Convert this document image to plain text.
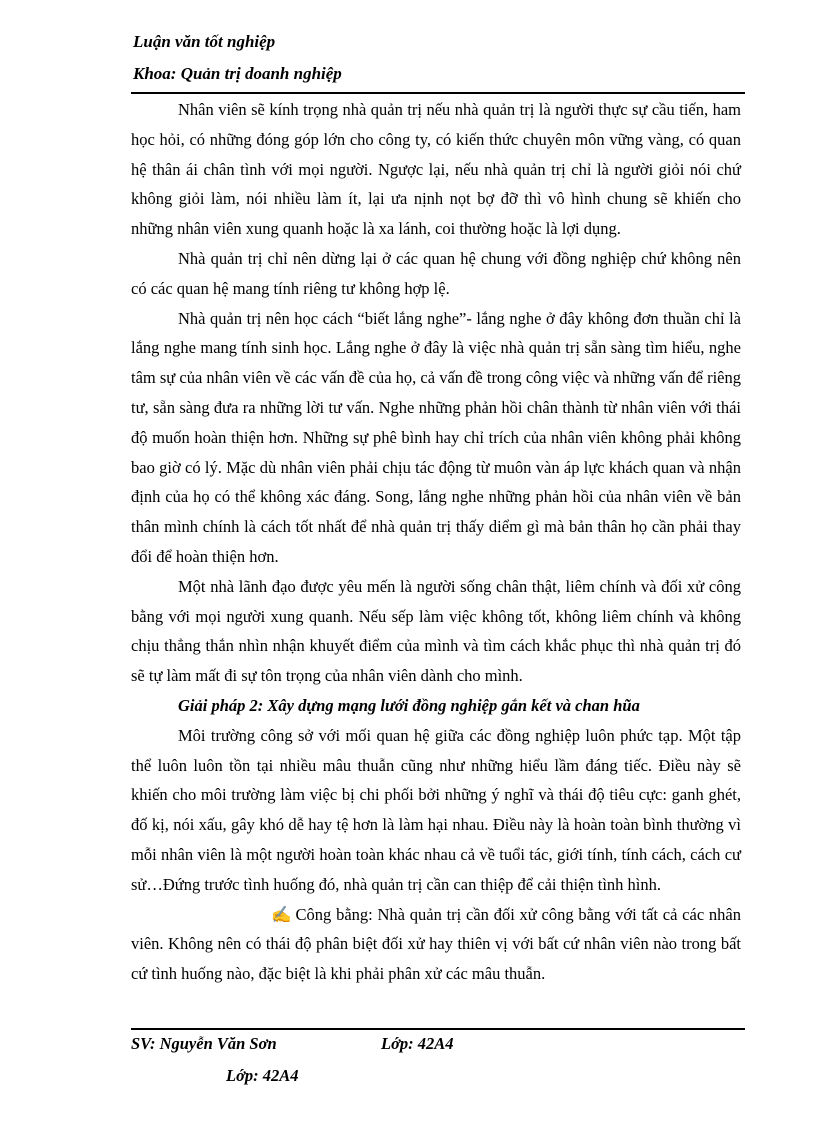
Luận văn tốt nghiệp
Khoa: Quản trị doanh nghiệp

Nhân viên sẽ kính trọng nhà quản trị nếu nhà quản trị là người thực sự cầu tiến, ham học hỏi, có những đóng góp lớn cho công ty, có kiến thức chuyên môn vững vàng, có quan hệ thân ái chân tình với mọi người. Ngược lại, nếu nhà quản trị chỉ là người giỏi nói chứ không giỏi làm, nói nhiều làm ít, lại ưa nịnh nọt bợ đỡ thì vô hình chung sẽ khiến cho những nhân viên xung quanh hoặc là xa lánh, coi thường hoặc là lợi dụng.

Nhà quản trị chỉ nên dừng lại ở các quan hệ chung với đồng nghiệp chứ không nên có các quan hệ mang tính riêng tư không hợp lệ.

Nhà quản trị nên học cách “biết lắng nghe”- lắng nghe ở đây không đơn thuần chỉ là lắng nghe mang tính sinh học. Lắng nghe ở đây là việc nhà quản trị sẵn sàng tìm hiểu, nghe tâm sự của nhân viên về các vấn đề của họ, cả vấn đề trong công việc và những vấn để riêng tư, sẵn sàng đưa ra những lời tư vấn. Nghe những phản hồi chân thành từ nhân viên với thái độ muốn hoàn thiện hơn. Những sự phê bình hay chỉ trích của nhân viên không phải không bao giờ có lý. Mặc dù nhân viên phải chịu tác động từ muôn vàn áp lực khách quan và nhận định của họ có thể không xác đáng. Song, lắng nghe những phản hồi của nhân viên về bản thân mình chính là cách tốt nhất để nhà quản trị thấy diểm gì mà bản thân họ cần phải thay đổi để hoàn thiện hơn.

Một nhà lãnh đạo được yêu mến là người sống chân thật, liêm chính và đối xử công bằng với mọi người xung quanh. Nếu sếp làm việc không tốt, không liêm chính và không chịu thẳng thắn nhìn nhận khuyết điểm của mình và tìm cách khắc phục thì nhà quản trị đó sẽ tự làm mất đi sự tôn trọng của nhân viên dành cho mình.

Giải pháp 2: Xây dựng mạng lưới đồng nghiệp gắn kết và chan hũa

Môi trường công sở với mối quan hệ giữa các đồng nghiệp luôn phức tạp. Một tập thể luôn luôn tồn tại nhiều mâu thuẫn cũng như những hiểu lầm đáng tiếc. Điều này sẽ khiến cho môi trường làm việc bị chi phối bởi những ý nghĩ và thái độ tiêu cực: ganh ghét, đố kị, nói xấu, gây khó dễ hay tệ hơn là làm hại nhau. Điều này là hoàn toàn bình thường vì mỗi nhân viên là một người hoàn toàn khác nhau cả về tuổi tác, giới tính, tính cách, cách cư sử…Đứng trước tình huống đó, nhà quản trị cần can thiệp để cải thiện tình hình.

✍ Công bằng: Nhà quản trị cần đối xử công bằng với tất cả các nhân viên. Không nên có thái độ phân biệt đối xử hay thiên vị với bất cứ nhân viên nào trong bất cứ tình huống nào, đặc biệt là khi phải phân xử các mâu thuẫn.

SV: Nguyễn Văn Sơn	Lớp: 42A4
Lớp: 42A4
